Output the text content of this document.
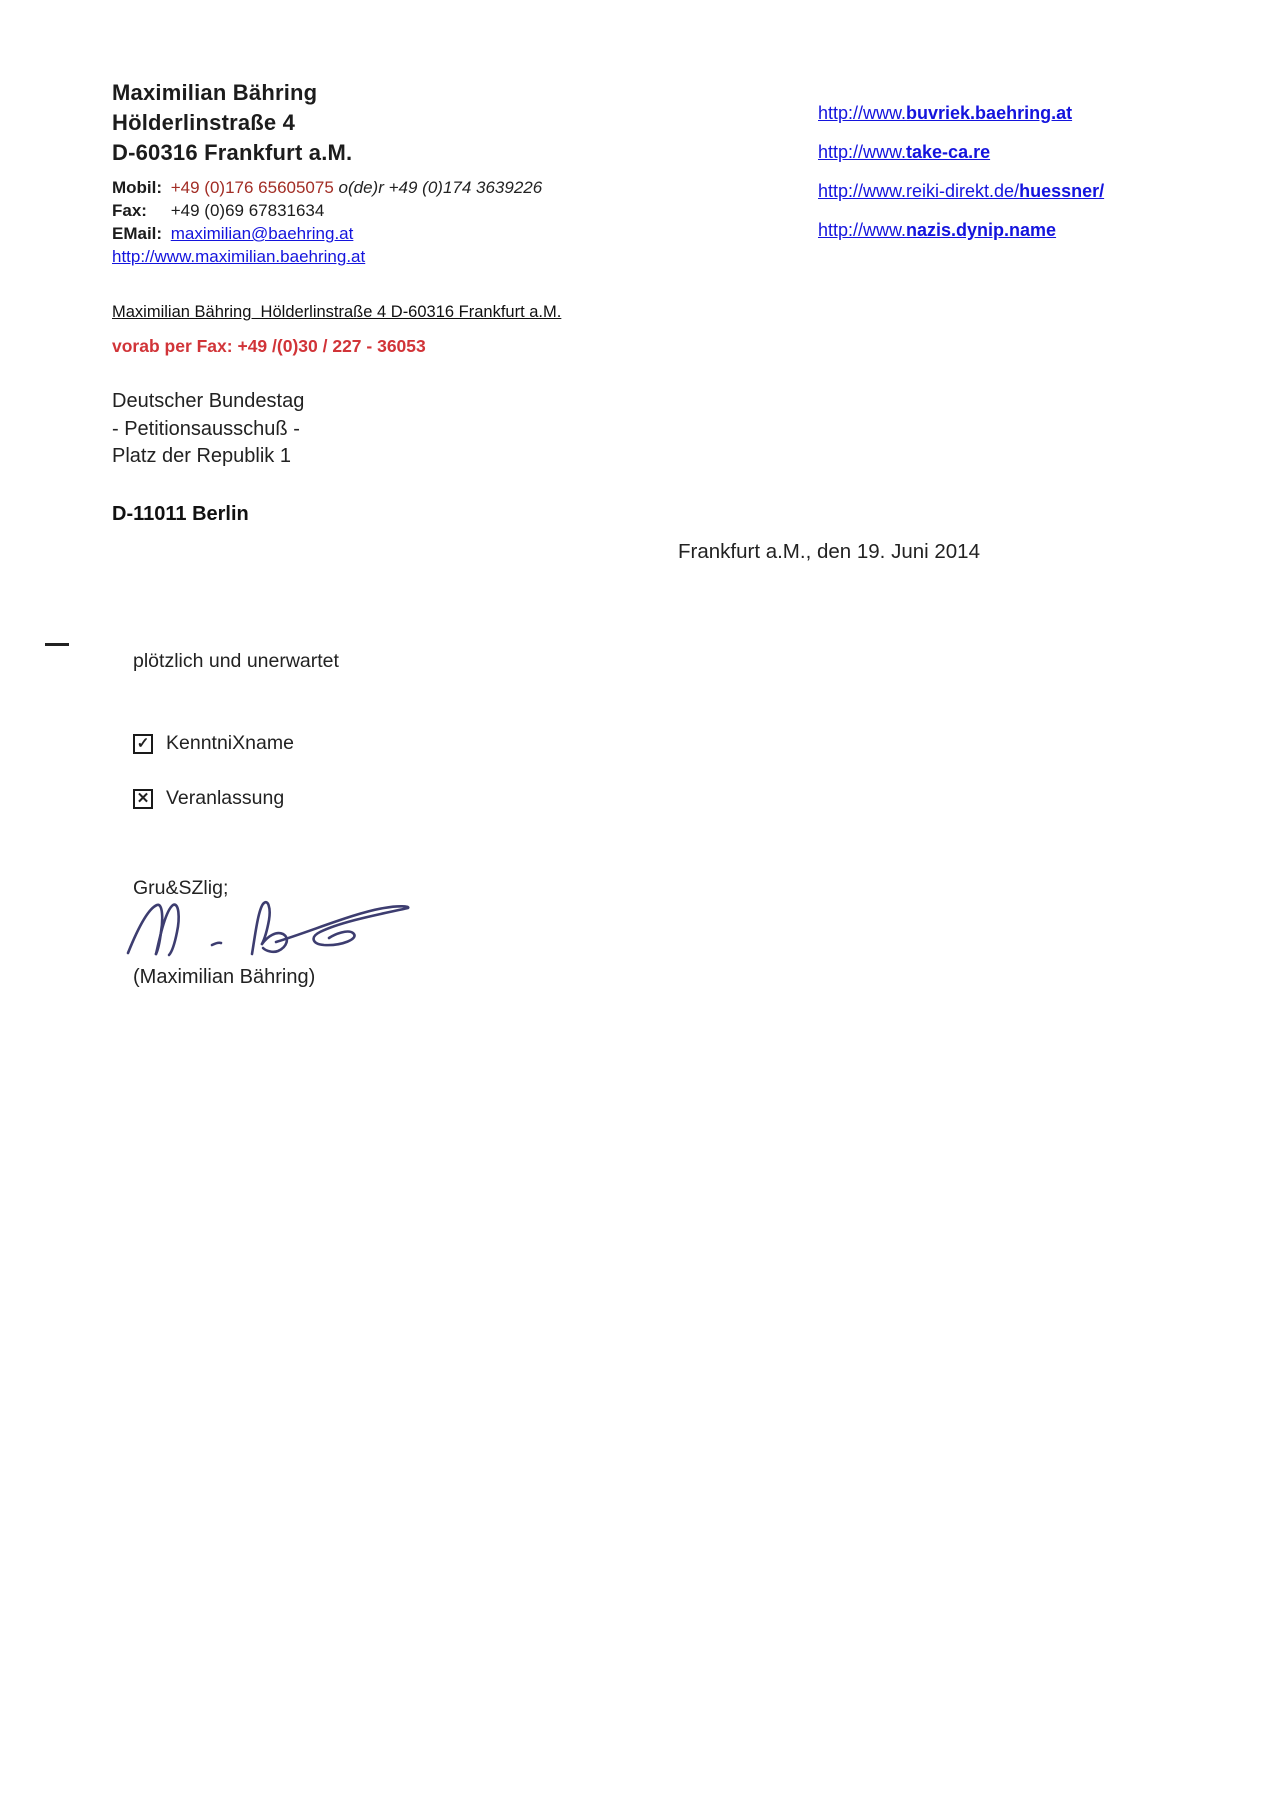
Maximilian Bähring
Hölderlinstraße 4
D-60316 Frankfurt a.M.
Mobil: +49 (0)176 65605075 o(de)r +49 (0)174 3639226
Fax: +49 (0)69 67831634
EMail: maximilian@baehring.at
http://www.maximilian.baehring.at
http://www.buvriek.baehring.at
http://www.take-ca.re
http://www.reiki-direkt.de/huessner/
http://www.nazis.dynip.name
Maximilian Bähring  Hölderlinstraße 4 D-60316 Frankfurt a.M.
vorab per Fax: +49 /(0)30 / 227 - 36053
Deutscher Bundestag
- Petitionsausschuß -
Platz der Republik 1
D-11011 Berlin
Frankfurt a.M., den 19. Juni 2014
plötzlich und unerwartet
✓ KenntniXname
✕ Veranlassung
Gru&SZlig;
(Maximilian Bähring)
